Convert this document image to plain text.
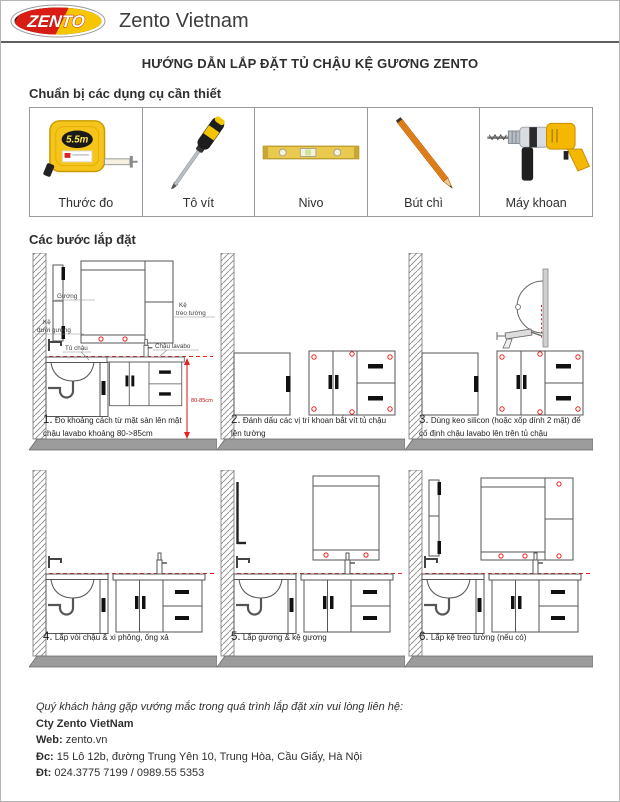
ZENTO Zento Vietnam
HƯỚNG DẪN LẮP ĐẶT TỦ CHẬU KỆ GƯƠNG ZENTO
Chuẩn bị các dụng cụ cần thiết
5.5m
Thước đo	Tô vít	Nivo	Bút chì	Máy khoan
Các bước lắp đặt
Gương
Kệ
treo tường
Kệ
dưới gương
Tủ chậu	Chậu lavabo
80-85cm
1. Đo khoảng cách từ mặt sàn lên mặt chậu lavabo khoảng 80->85cm
2. Đánh dấu các vị trí khoan bắt vít tủ chậu lên tường
3. Dùng keo silicon (hoặc xốp dính 2 mặt) để cố định chậu lavabo lên trên tủ chậu
4. Lắp vòi chậu & xi phông, ống xả	5. Lắp gương & kệ gương	6. Lắp kệ treo tường (nếu có)
Quý khách hàng gặp vướng mắc trong quá trình lắp đặt xin vui lòng liên hệ:
Cty Zento VietNam
Web: zento.vn
Đc: 15 Lô 12b, đường Trung Yên 10, Trung Hòa, Cầu Giấy, Hà Nội
Đt: 024.3775 7199 / 0989.55 5353
